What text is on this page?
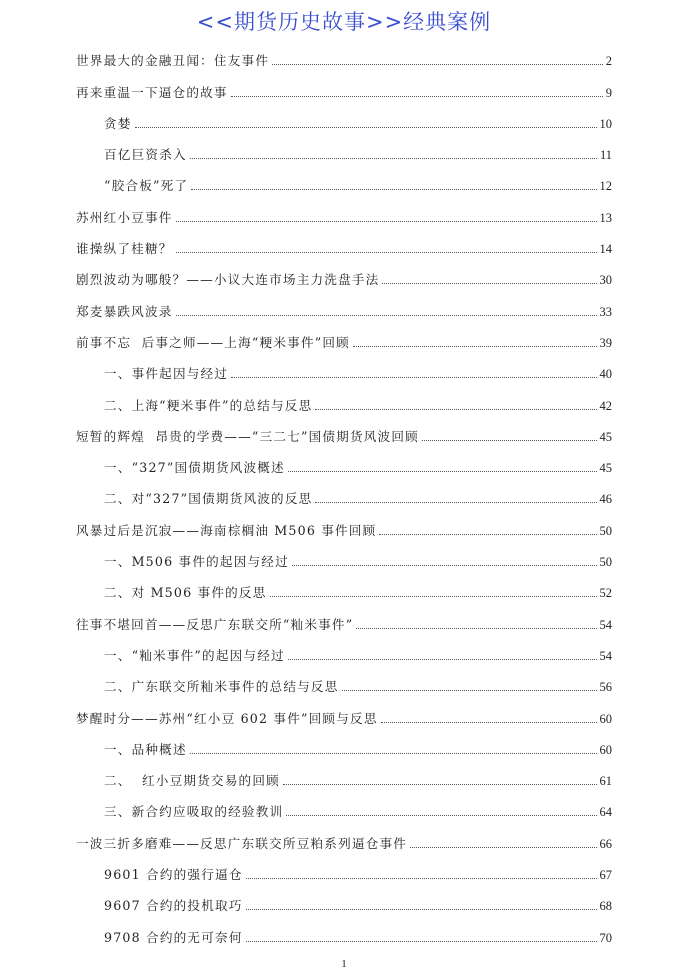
<<期货历史故事>>经典案例
世界最大的金融丑闻：住友事件	2
再来重温一下逼仓的故事	9
贪婪	10
百亿巨资杀入	11
“胶合板”死了	12
苏州红小豆事件	13
谁操纵了桂糖？	14
剧烈波动为哪般？——小议大连市场主力洗盘手法	30
郑麦暴跌风波录	33
前事不忘  后事之师——上海“粳米事件”回顾	39
一、事件起因与经过	40
二、上海“粳米事件”的总结与反思	42
短暂的辉煌  昂贵的学费——“三二七”国债期货风波回顾	45
一、“327”国债期货风波概述	45
二、对“327”国债期货风波的反思	46
风暴过后是沉寂——海南棕榈油 M506 事件回顾	50
一、M506 事件的起因与经过	50
二、对 M506 事件的反思	52
往事不堪回首——反思广东联交所“籼米事件”	54
一、“籼米事件”的起因与经过	54
二、广东联交所籼米事件的总结与反思	56
梦醒时分——苏州“红小豆 602 事件”回顾与反思	60
一、品种概述	60
二、  红小豆期货交易的回顾	61
三、新合约应吸取的经验教训	64
一波三折多磨难——反思广东联交所豆粕系列逼仓事件	66
9601 合约的强行逼仓	67
9607 合约的投机取巧	68
9708 合约的无可奈何	70
1
